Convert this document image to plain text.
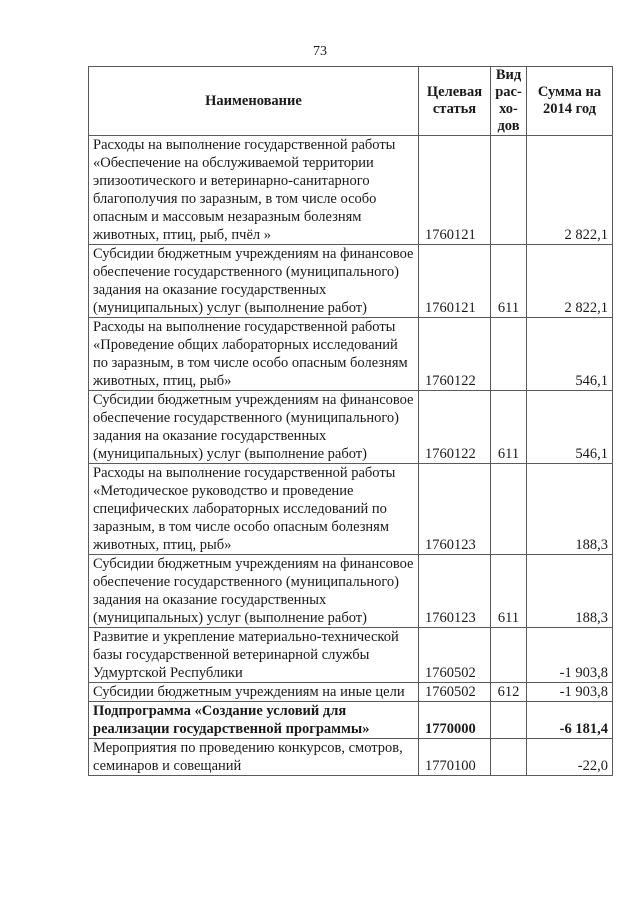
73
Наименование	Целевая статья	Вид рас-хо-дов	Сумма на 2014 год
Расходы на выполнение государственной работы «Обеспечение на обслуживаемой территории эпизоотического и ветеринарно-санитарного благополучия по заразным, в том числе особо опасным и массовым незаразным болезням животных, птиц, рыб, пчёл »	1760121		2 822,1
Субсидии бюджетным учреждениям на финансовое обеспечение государственного (муниципального) задания на оказание государственных (муниципальных) услуг (выполнение работ)	1760121	611	2 822,1
Расходы на выполнение государственной работы «Проведение общих лабораторных исследований по заразным, в том числе особо опасным болезням животных, птиц, рыб»	1760122		546,1
Субсидии бюджетным учреждениям на финансовое обеспечение государственного (муниципального) задания на оказание государственных (муниципальных) услуг (выполнение работ)	1760122	611	546,1
Расходы на выполнение государственной работы «Методическое руководство и проведение специфических лабораторных исследований по заразным, в том числе особо опасным болезням животных, птиц, рыб»	1760123		188,3
Субсидии бюджетным учреждениям на финансовое обеспечение государственного (муниципального) задания на оказание государственных (муниципальных) услуг (выполнение работ)	1760123	611	188,3
Развитие и укрепление материально-технической базы государственной ветеринарной службы Удмуртской Республики	1760502		-1 903,8
Субсидии бюджетным учреждениям на иные цели	1760502	612	-1 903,8
Подпрограмма «Создание условий для реализации государственной программы»	1770000		-6 181,4
Мероприятия по проведению конкурсов, смотров, семинаров и совещаний	1770100		-22,0
